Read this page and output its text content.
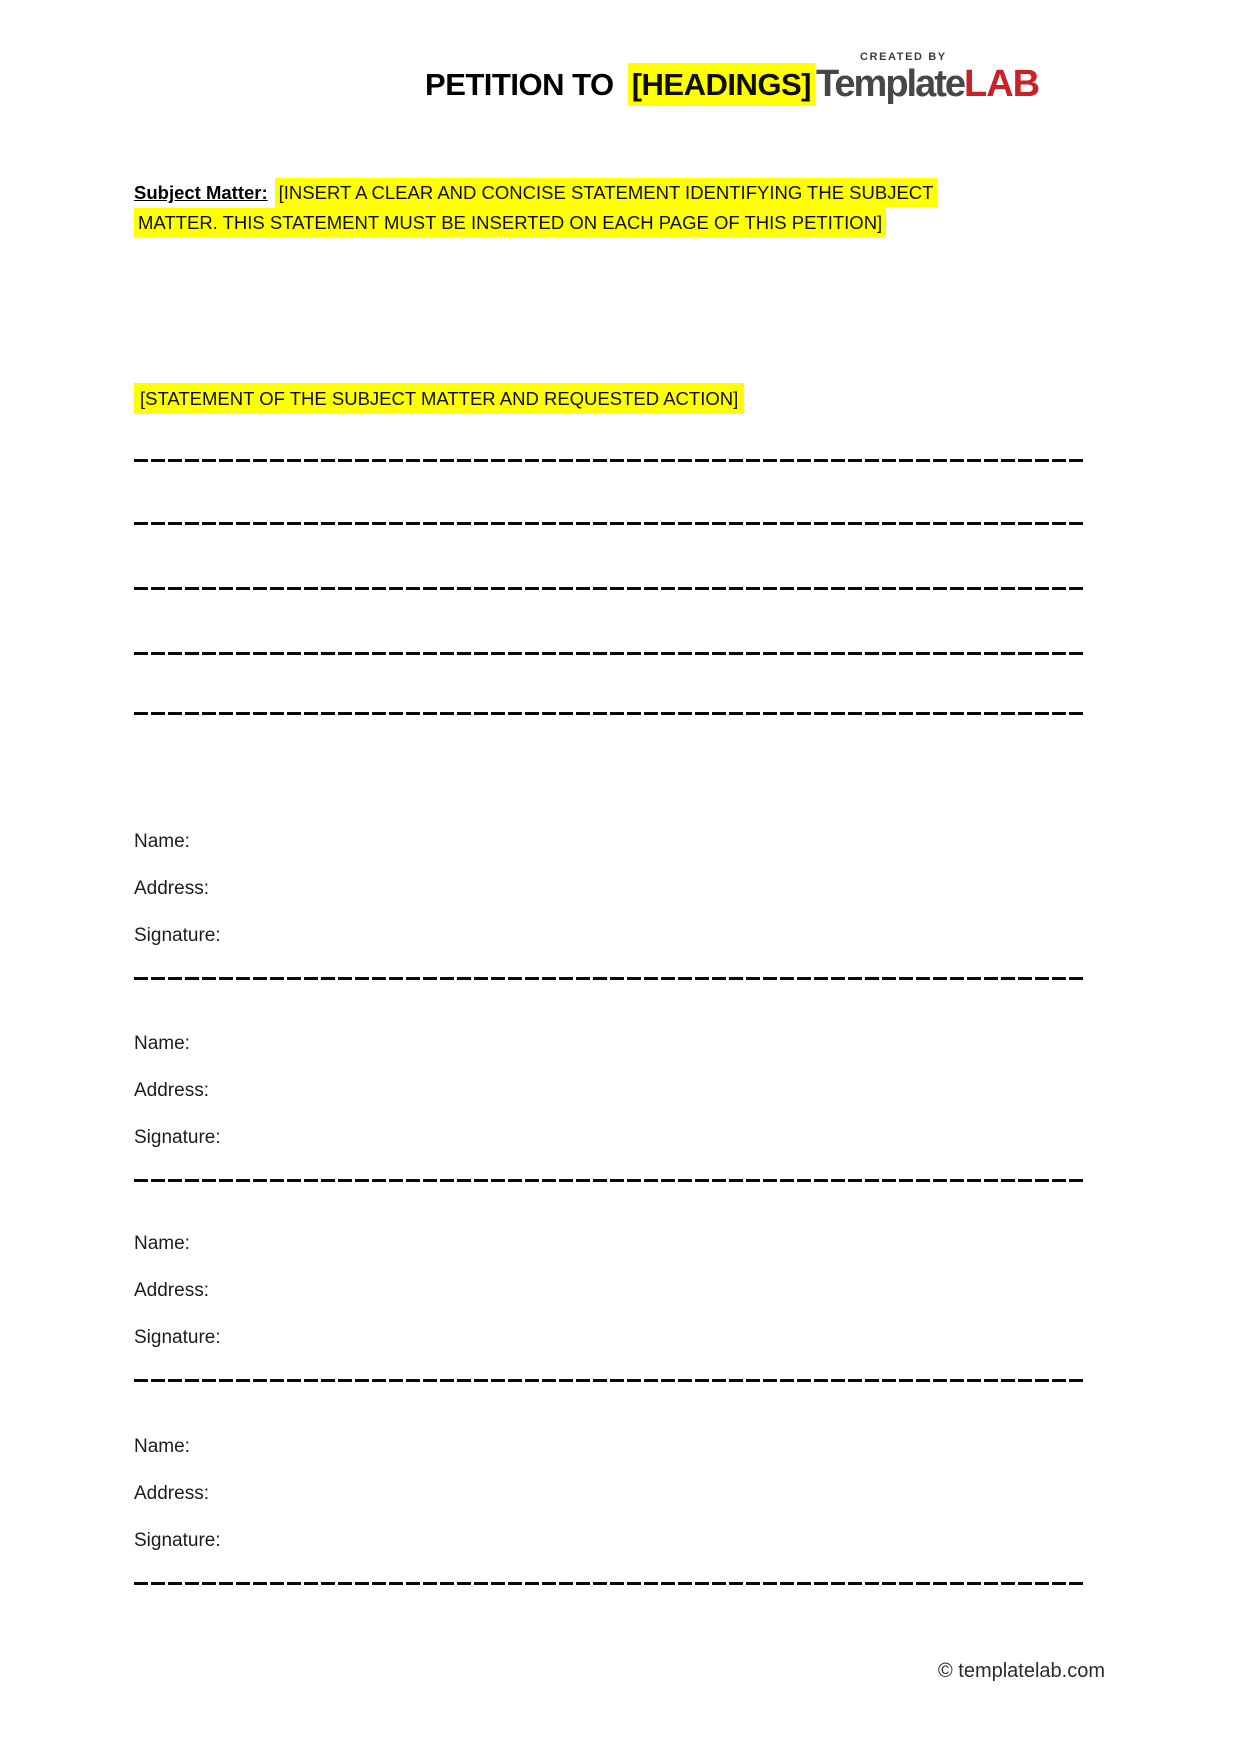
PETITION TO [HEADINGS]
CREATED BY
Template LAB

Subject Matter: [INSERT A CLEAR AND CONCISE STATEMENT IDENTIFYING THE SUBJECT MATTER. THIS STATEMENT MUST BE INSERTED ON EACH PAGE OF THIS PETITION]

[STATEMENT OF THE SUBJECT MATTER AND REQUESTED ACTION]

Name:
Address:
Signature:
Name:
Address:
Signature:
Name:
Address:
Signature:
Name:
Address:
Signature:
© templatelab.com
